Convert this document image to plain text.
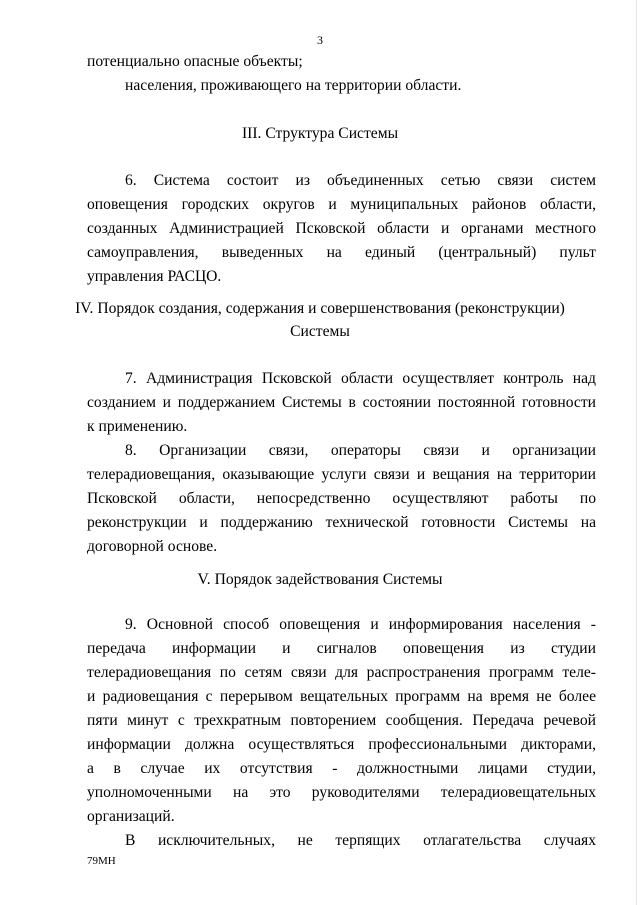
3
потенциально опасные объекты;
населения, проживающего на территории области.
III. Структура Системы
6. Система состоит из объединенных сетью связи систем
оповещения городских округов и муниципальных районов области,
созданных Администрацией Псковской области и органами местного
самоуправления, выведенных на единый (центральный) пульт
управления РАСЦО.
IV. Порядок создания, содержания и совершенствования (реконструкции)
Системы
7. Администрация Псковской области осуществляет контроль над
созданием и поддержанием Системы в состоянии постоянной готовности
к применению.
8. Организации связи, операторы связи и организации
телерадиовещания, оказывающие услуги связи и вещания на территории
Псковской области, непосредственно осуществляют работы по
реконструкции и поддержанию технической готовности Системы на
договорной основе.
V. Порядок задействования Системы
9. Основной способ оповещения и информирования населения -
передача информации и сигналов оповещения из студии
телерадиовещания по сетям связи для распространения программ теле-
и радиовещания с перерывом вещательных программ на время не более
пяти минут с трехкратным повторением сообщения. Передача речевой
информации должна осуществляться профессиональными дикторами,
а в случае их отсутствия - должностными лицами студии,
уполномоченными на это руководителями телерадиовещательных
организаций.
В исключительных, не терпящих отлагательства случаях
79МН
